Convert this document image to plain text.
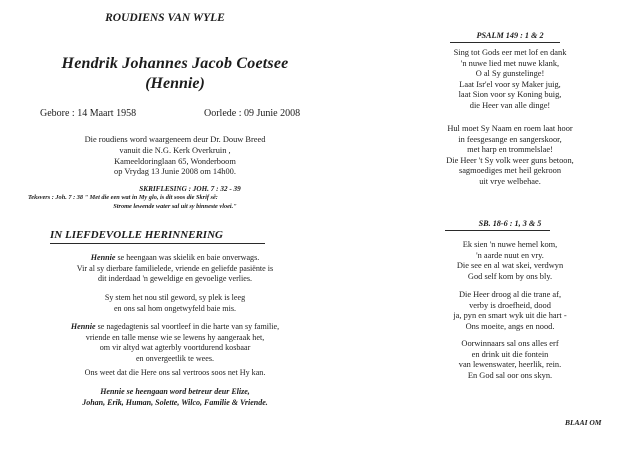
ROUDIENS VAN WYLE
Hendrik Johannes Jacob Coetsee
(Hennie)
Gebore : 14 Maart 1958	Oorlede : 09 Junie 2008
Die roudiens word waargeneem deur Dr. Douw Breed
vanuit die N.G. Kerk Overkruin ,
Kameeldoringlaan 65, Wonderboom
op Vrydag 13 Junie 2008 om 14h00.
SKRIFLESING : JOH. 7 : 32 - 39
Teksvers : Joh. 7 : 38 " Met die een wat in My glo, is dit soos die Skrif sê:
Strome lewende water sal uit sy binneste vloei."
IN LIEFDEVOLLE HERINNERING
Hennie se heengaan was skielik en baie onverwags.
Vir al sy dierbare familielede, vriende en geliefde pasiënte is
dit inderdaad 'n geweldige en gevoelige verlies.
Sy stem het nou stil geword, sy plek is leeg
en ons sal hom ongetwyfeld baie mis.
Hennie se nagedagtenis sal voortleef in die harte van sy familie,
vriende en talle mense wie se lewens hy aangeraak het,
om vir altyd wat agterbly voortdurend kosbaar
en onvergeetlik te wees.
Ons weet dat die Here ons sal vertroos soos net Hy kan.
Hennie se heengaan word betreur deur Elize,
Johan, Erik, Human, Solette, Wilco, Familie & Vriende.
PSALM 149 : 1 & 2
Sing tot Gods eer met lof en dank
'n nuwe lied met nuwe klank,
O al Sy gunstelinge!
Laat Isr'el voor sy Maker juig,
laat Sion voor sy Koning buig,
die Heer van alle dinge!
Hul moet Sy Naam en roem laat hoor
in feesgesange en sangerskoor,
met harp en trommelslae!
Die Heer 't Sy volk weer guns betoon,
sagmoediges met heil gekroon
uit vrye welbehae.
SB. 18-6 : 1, 3 & 5
Ek sien 'n nuwe hemel kom,
'n aarde nuut en vry.
Die see en al wat skei, verdwyn
God self kom by ons bly.
Die Heer droog al die trane af,
verby is droefheid, dood
ja, pyn en smart wyk uit die hart -
Ons moeite, angs en nood.
Oorwinnaars sal ons alles erf
en drink uit die fontein
van lewenswater, heerlik, rein.
En God sal oor ons skyn.
BLAAI OM
